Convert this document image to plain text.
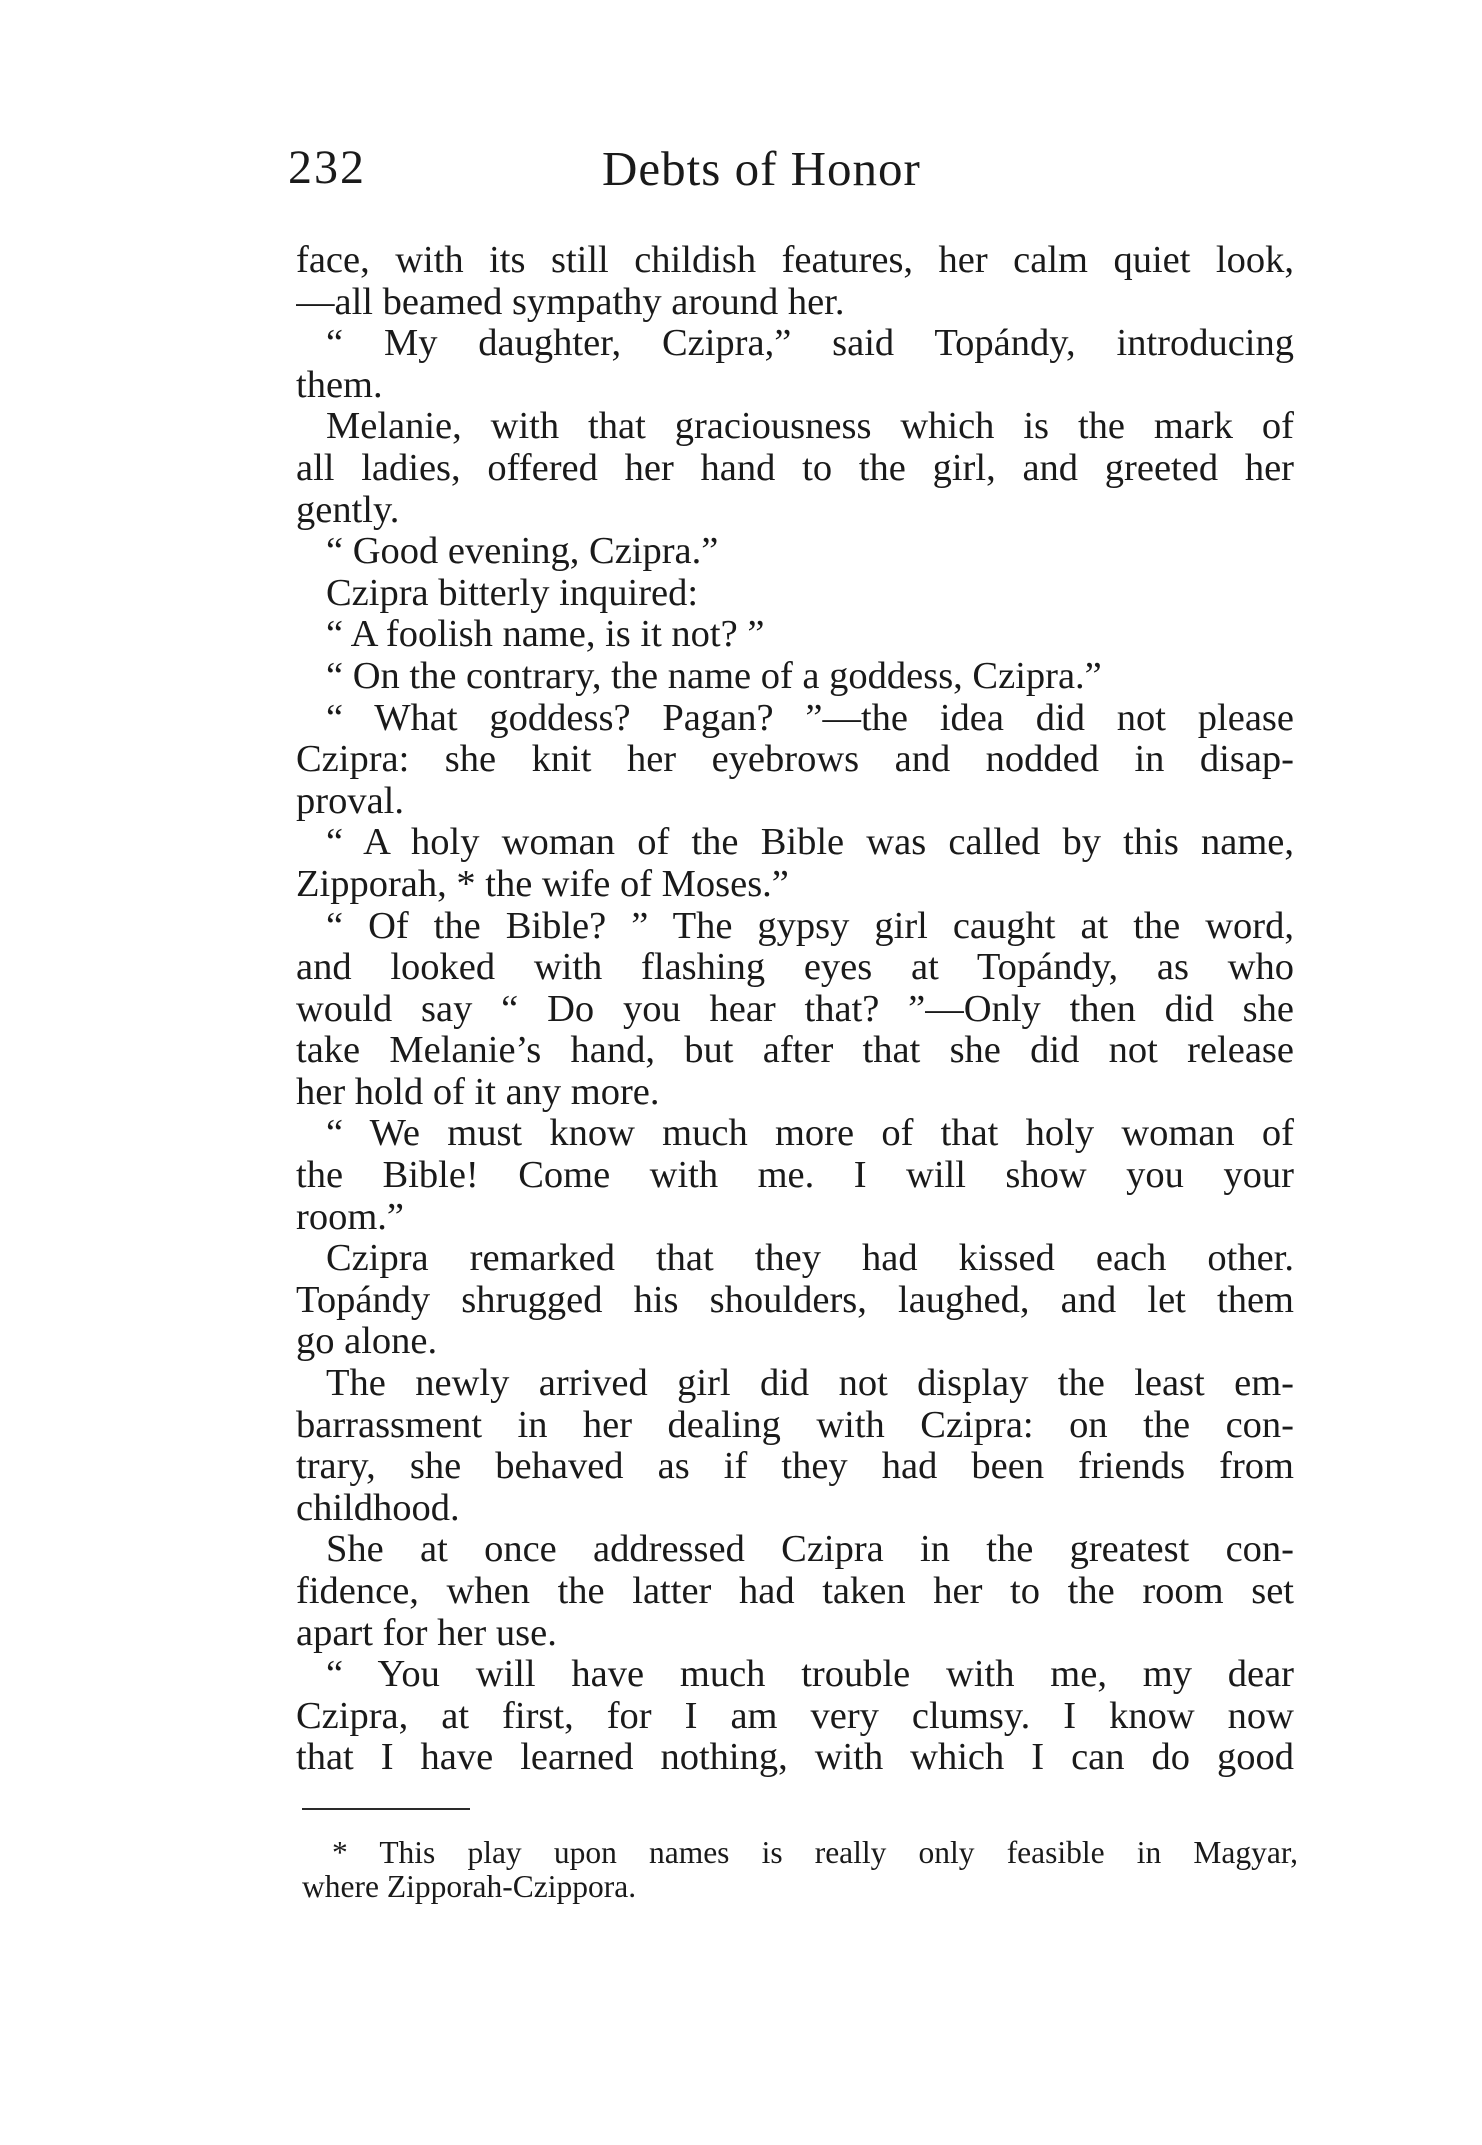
232	Debts of Honor
face, with its still childish features, her calm quiet look,
—all beamed sympathy around her.
“ My daughter, Czipra,” said Topándy, introducing
them.
Melanie, with that graciousness which is the mark of
all ladies, offered her hand to the girl, and greeted her
gently.
“ Good evening, Czipra.”
Czipra bitterly inquired:
“ A foolish name, is it not? ”
“ On the contrary, the name of a goddess, Czipra.”
“ What goddess? Pagan? ”—the idea did not please
Czipra: she knit her eyebrows and nodded in disap-
proval.
“ A holy woman of the Bible was called by this name,
Zipporah, * the wife of Moses.”
“ Of the Bible? ” The gypsy girl caught at the word,
and looked with flashing eyes at Topándy, as who
would say “ Do you hear that? ”—Only then did she
take Melanie’s hand, but after that she did not release
her hold of it any more.
“ We must know much more of that holy woman of
the Bible! Come with me. I will show you your
room.”
Czipra remarked that they had kissed each other.
Topándy shrugged his shoulders, laughed, and let them
go alone.
The newly arrived girl did not display the least em-
barrassment in her dealing with Czipra: on the con-
trary, she behaved as if they had been friends from
childhood.
She at once addressed Czipra in the greatest con-
fidence, when the latter had taken her to the room set
apart for her use.
“ You will have much trouble with me, my dear
Czipra, at first, for I am very clumsy. I know now
that I have learned nothing, with which I can do good
* This play upon names is really only feasible in Magyar,
where Zipporah-Czippora.
